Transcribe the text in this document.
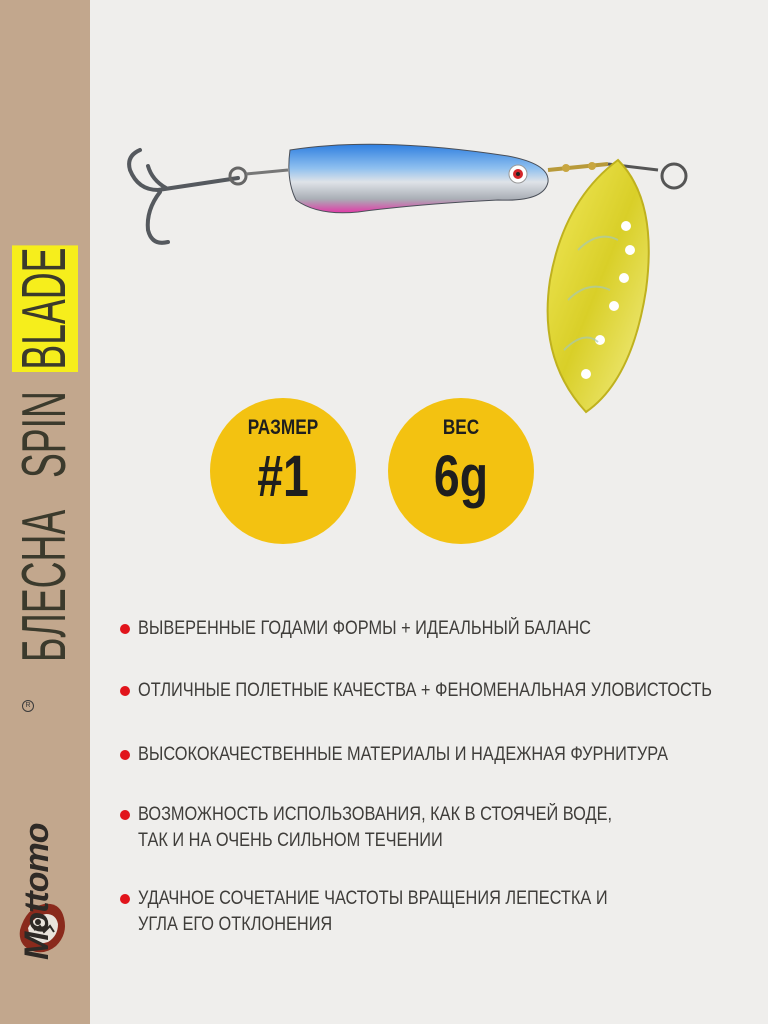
БЛЕСНАSPINBLADE
Mottomo
R
РАЗМЕР
#1
ВЕС
6g
ВЫВЕРЕННЫЕ ГОДАМИ ФОРМЫ + ИДЕАЛЬНЫЙ БАЛАНС
ОТЛИЧНЫЕ ПОЛЕТНЫЕ КАЧЕСТВА + ФЕНОМЕНАЛЬНАЯ УЛОВИСТОСТЬ
ВЫСОКОКАЧЕСТВЕННЫЕ МАТЕРИАЛЫ И НАДЕЖНАЯ ФУРНИТУРА
ВОЗМОЖНОСТЬ ИСПОЛЬЗОВАНИЯ, КАК В СТОЯЧЕЙ ВОДЕ,
ТАК И НА ОЧЕНЬ СИЛЬНОМ ТЕЧЕНИИ
УДАЧНОЕ СОЧЕТАНИЕ ЧАСТОТЫ ВРАЩЕНИЯ ЛЕПЕСТКА И
УГЛА ЕГО ОТКЛОНЕНИЯ
